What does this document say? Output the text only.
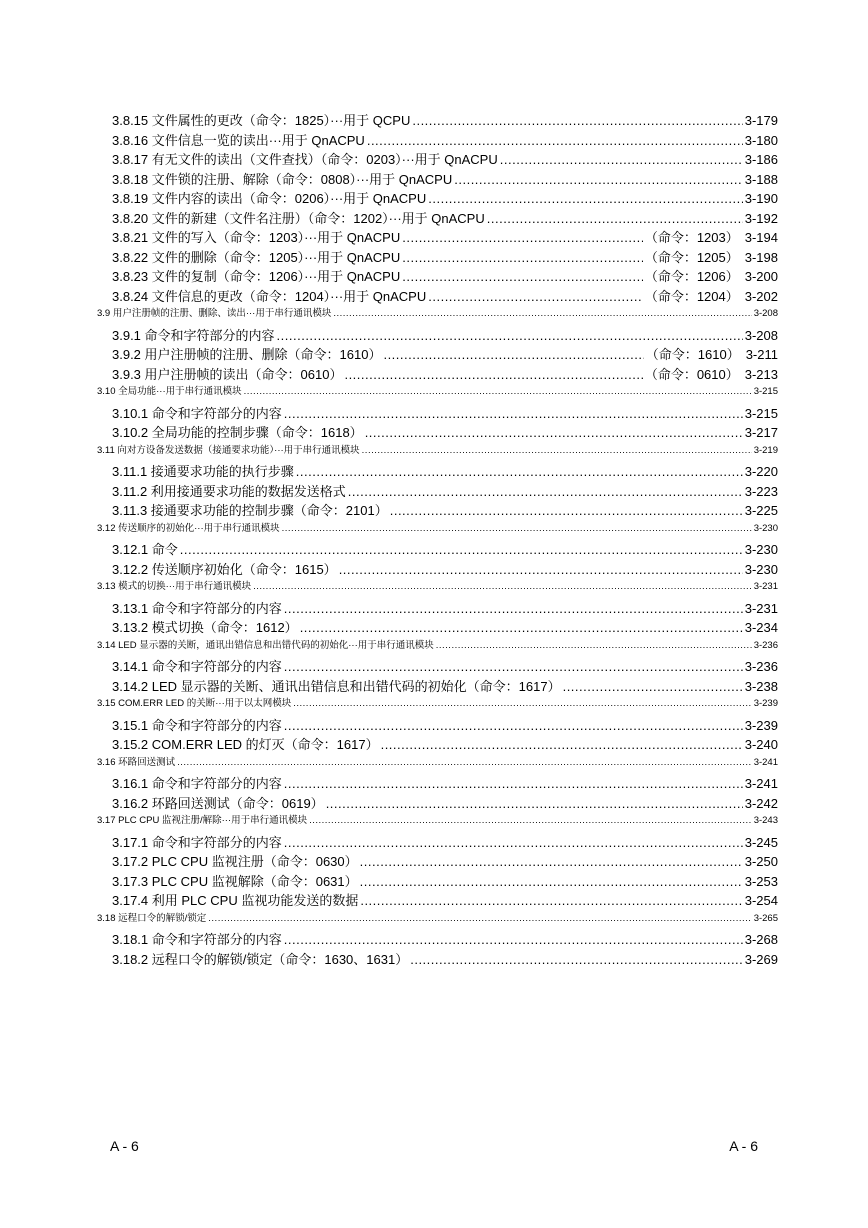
3.8.15 文件属性的更改（命令：1825）···用于 QCPU .....	3-179
3.8.16 文件信息一览的读出···用于 QnACPU .....	3-180
3.8.17 有无文件的读出（文件查找）（命令：0203）···用于 QnACPU .....	3-186
3.8.18 文件锁的注册、解除（命令：0808）···用于 QnACPU .....	3-188
3.8.19 文件内容的读出（命令：0206）···用于 QnACPU .....	3-190
3.8.20 文件的新建（文件名注册）（命令：1202）···用于 QnACPU .....	3-192
3.8.21 文件的写入（命令：1203）···用于 QnACPU .....	（命令：1203） 3-194
3.8.22 文件的删除（命令：1205）···用于 QnACPU .....	（命令：1205） 3-198
3.8.23 文件的复制（命令：1206）···用于 QnACPU .....	（命令：1206） 3-200
3.8.24 文件信息的更改（命令：1204）···用于 QnACPU .....	（命令：1204） 3-202
3.9 用户注册帧的注册、删除、读出···用于串行通讯模块 .....	3-208
3.9.1 命令和字符部分的内容 .....	3-208
3.9.2 用户注册帧的注册、删除（命令：1610） .....	（命令：1610） 3-211
3.9.3 用户注册帧的读出（命令：0610） .....	（命令：0610） 3-213
3.10 全局功能···用于串行通讯模块 .....	3-215
3.10.1 命令和字符部分的内容 .....	3-215
3.10.2 全局功能的控制步骤（命令：1618） .....	3-217
3.11 向对方设备发送数据（接通要求功能）···用于串行通讯模块 .....	3-219
3.11.1 接通要求功能的执行步骤 .....	3-220
3.11.2 利用接通要求功能的数据发送格式 .....	3-223
3.11.3 接通要求功能的控制步骤（命令：2101） .....	3-225
3.12 传送顺序的初始化···用于串行通讯模块 .....	3-230
3.12.1 命令 .....	3-230
3.12.2 传送顺序初始化（命令：1615） .....	3-230
3.13 模式的切换···用于串行通讯模块 .....	3-231
3.13.1 命令和字符部分的内容 .....	3-231
3.13.2 模式切换（命令：1612） .....	3-234
3.14 LED 显示器的关断，通讯出错信息和出错代码的初始化···用于串行通讯模块 .....	3-236
3.14.1 命令和字符部分的内容 .....	3-236
3.14.2 LED 显示器的关断、通讯出错信息和出错代码的初始化（命令：1617） .....	3-238
3.15 COM.ERR LED 的关断···用于以太网模块 .....	3-239
3.15.1 命令和字符部分的内容 .....	3-239
3.15.2 COM.ERR LED 的灯灭（命令：1617） .....	3-240
3.16 环路回送测试 .....	3-241
3.16.1 命令和字符部分的内容 .....	3-241
3.16.2 环路回送测试（命令：0619） .....	3-242
3.17 PLC CPU 监视注册/解除···用于串行通讯模块 .....	3-243
3.17.1 命令和字符部分的内容 .....	3-245
3.17.2 PLC CPU 监视注册（命令：0630） .....	3-250
3.17.3 PLC CPU 监视解除（命令：0631） .....	3-253
3.17.4 利用 PLC CPU 监视功能发送的数据 .....	3-254
3.18 远程口令的解锁/锁定 .....	3-265
3.18.1 命令和字符部分的内容 .....	3-268
3.18.2 远程口令的解锁/锁定（命令：1630、1631） .....	3-269
A - 6	A - 6
